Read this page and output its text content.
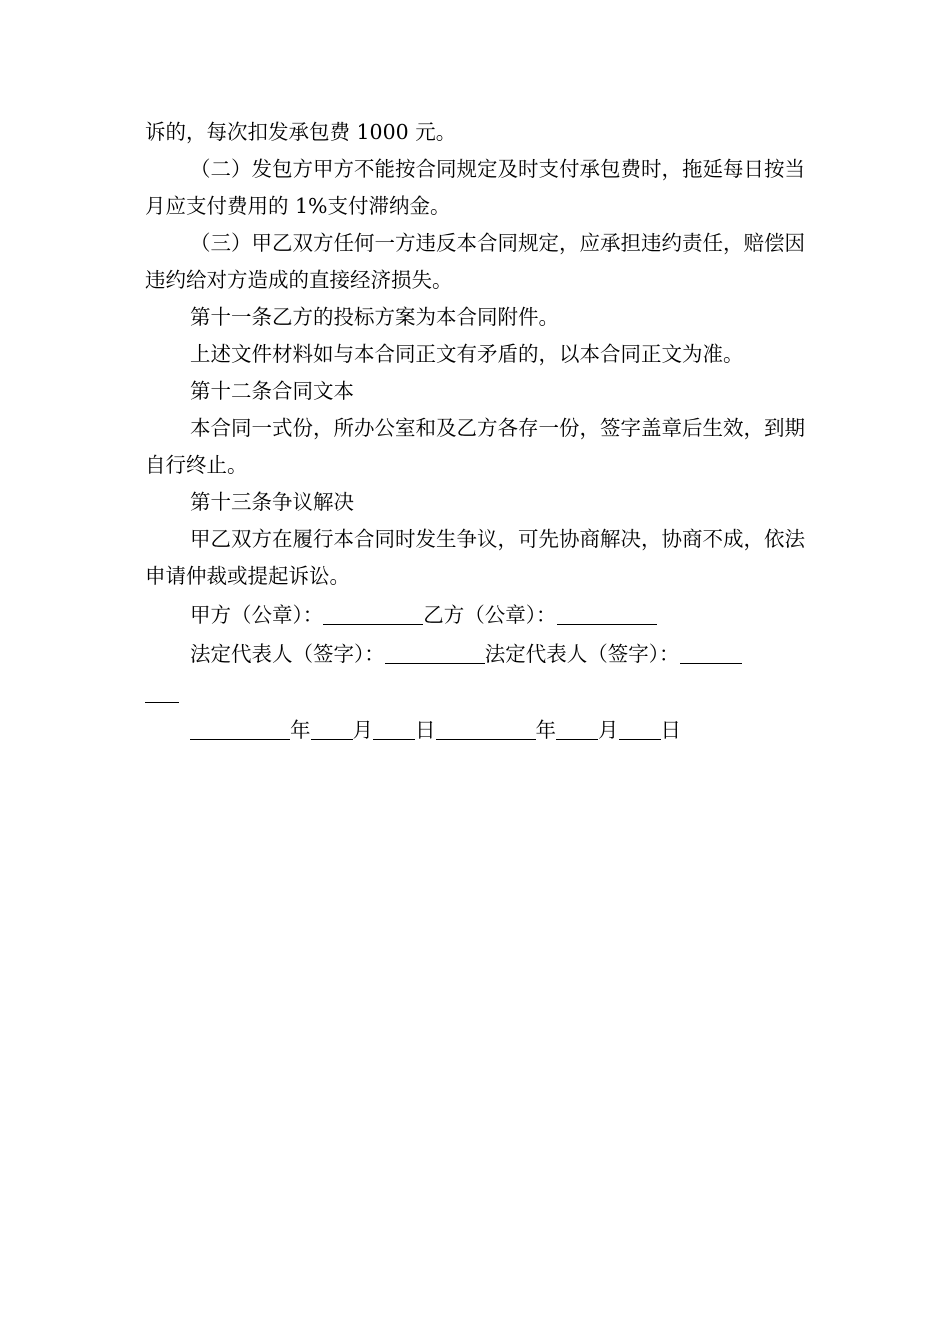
诉的，每次扣发承包费 1000 元。

（二）发包方甲方不能按合同规定及时支付承包费时，拖延每日按当月应支付费用的 1%支付滞纳金。

（三）甲乙双方任何一方违反本合同规定，应承担违约责任，赔偿因违约给对方造成的直接经济损失。

第十一条乙方的投标方案为本合同附件。

上述文件材料如与本合同正文有矛盾的，以本合同正文为准。

第十二条合同文本

本合同一式份，所办公室和及乙方各存一份，签字盖章后生效，到期自行终止。

第十三条争议解决

甲乙双方在履行本合同时发生争议，可先协商解决，协商不成，依法申请仲裁或提起诉讼。

甲方（公章）：	乙方（公章）：
法定代表人（签字）：	法定代表人（签字）：
年 月 日	年 月 日
